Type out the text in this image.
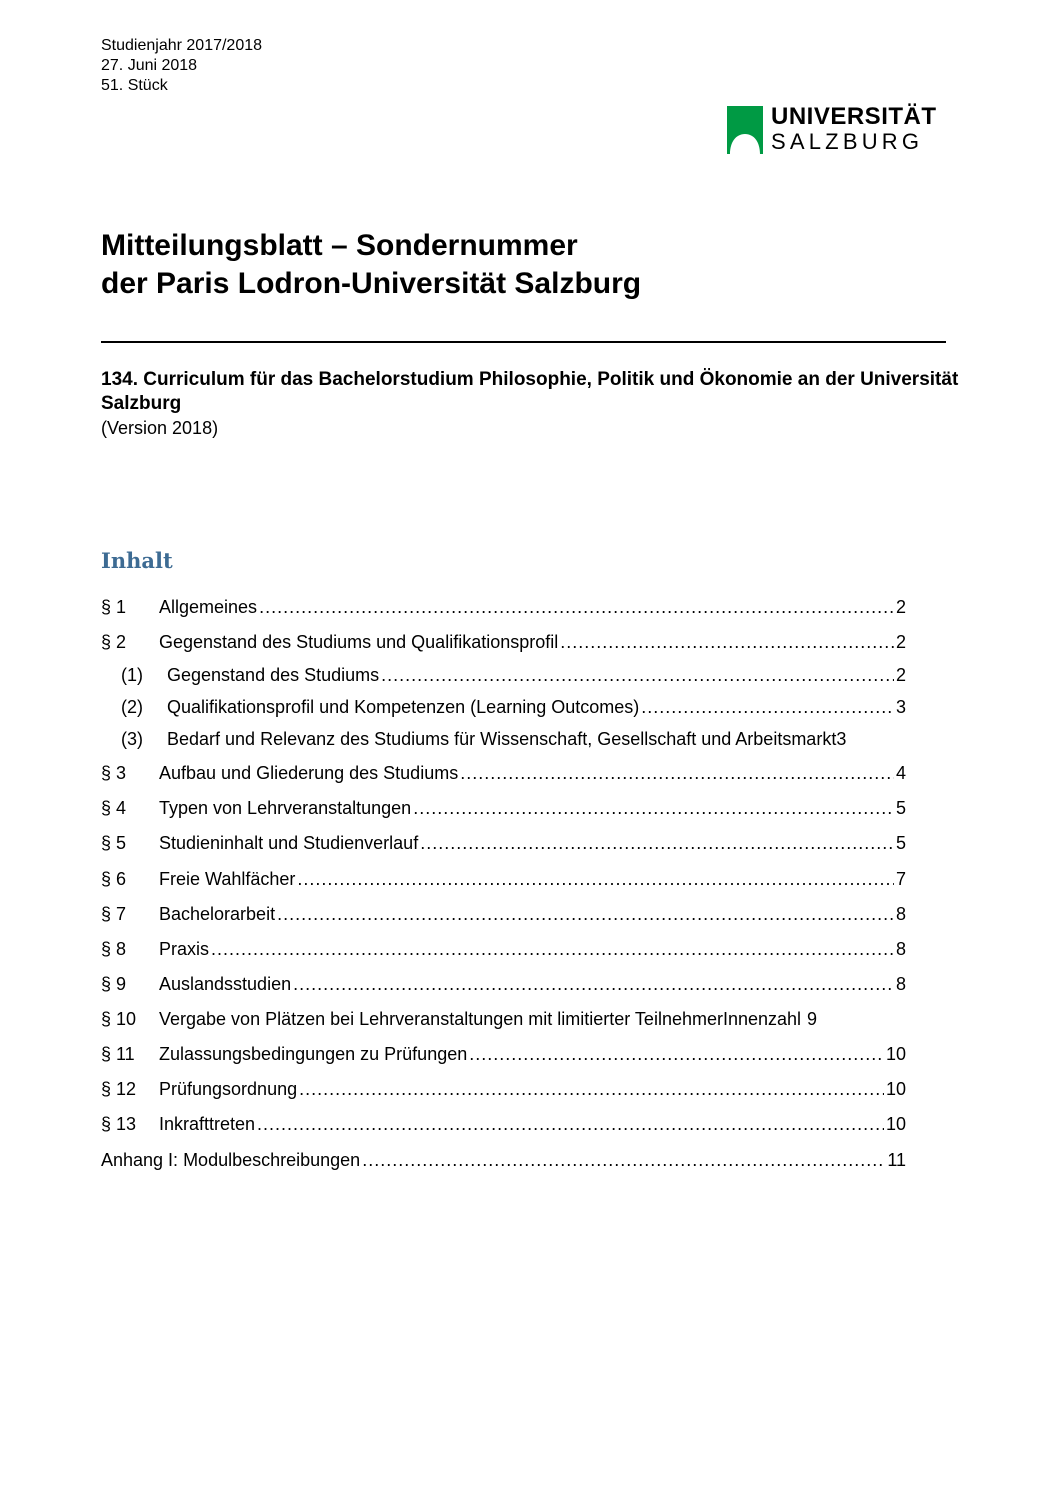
Studienjahr 2017/2018
27. Juni 2018
51. Stück
UNIVERSITÄT
SALZBURG
Mitteilungsblatt – Sondernummer
der Paris Lodron-Universität Salzburg
134. Curriculum für das Bachelorstudium Philosophie, Politik und Ökonomie an der Universität Salzburg
(Version 2018)
Inhalt
§ 1	Allgemeines .....	2
§ 2	Gegenstand des Studiums und Qualifikationsprofil .....	2
(1)	Gegenstand des Studiums .....	2
(2)	Qualifikationsprofil und Kompetenzen (Learning Outcomes) .....	3
(3)	Bedarf und Relevanz des Studiums für Wissenschaft, Gesellschaft und Arbeitsmarkt 3
§ 3	Aufbau und Gliederung des Studiums .....	4
§ 4	Typen von Lehrveranstaltungen .....	5
§ 5	Studieninhalt und Studienverlauf .....	5
§ 6	Freie Wahlfächer .....	7
§ 7	Bachelorarbeit .....	8
§ 8	Praxis .....	8
§ 9	Auslandsstudien .....	8
§ 10	Vergabe von Plätzen bei Lehrveranstaltungen mit limitierter TeilnehmerInnenzahl 9
§ 11	Zulassungsbedingungen zu Prüfungen .....	10
§ 12	Prüfungsordnung .....	10
§ 13	Inkrafttreten .....	10
Anhang I: Modulbeschreibungen .....	11
